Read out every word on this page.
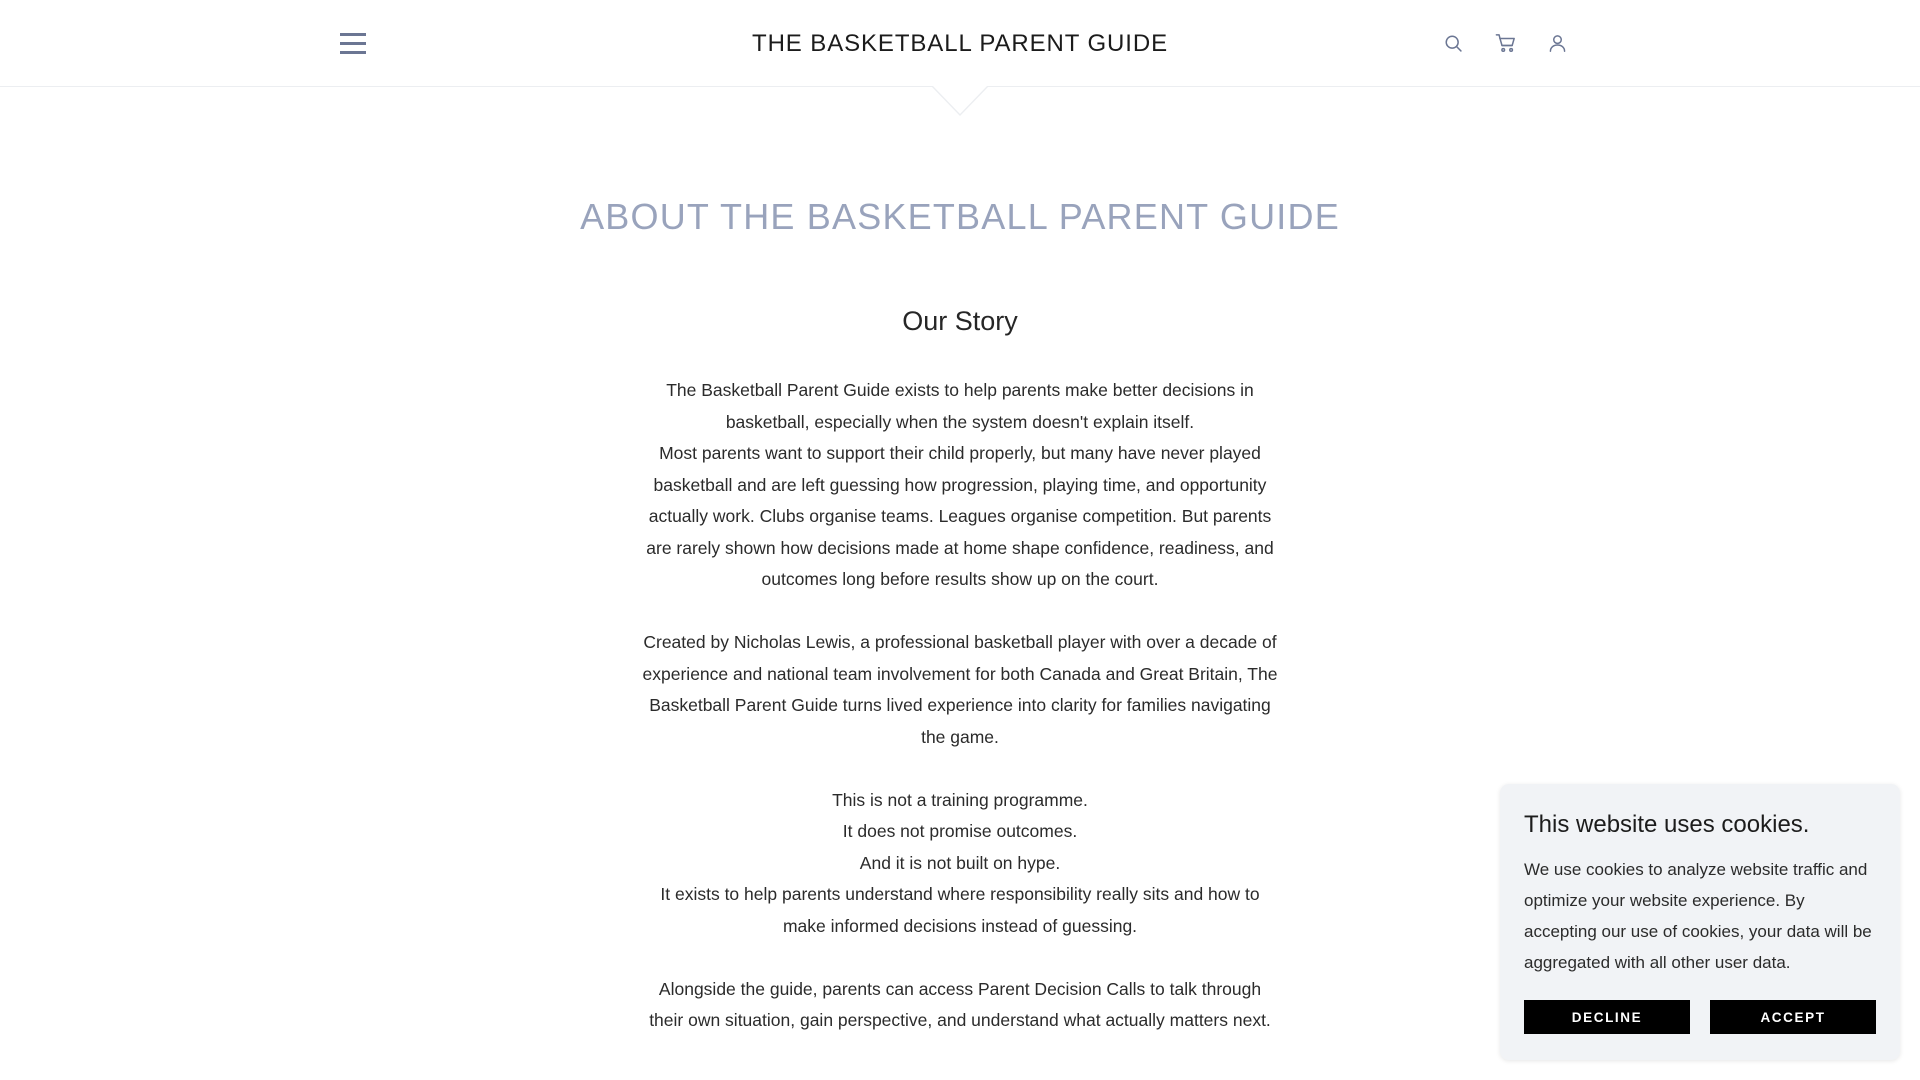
THE BASKETBALL PARENT GUIDE
ABOUT THE BASKETBALL PARENT GUIDE
Our Story

The Basketball Parent Guide exists to help parents make better decisions in basketball, especially when the system doesn't explain itself.
Most parents want to support their child properly, but many have never played basketball and are left guessing how progression, playing time, and opportunity actually work. Clubs organise teams. Leagues organise competition. But parents are rarely shown how decisions made at home shape confidence, readiness, and outcomes long before results show up on the court.

Created by Nicholas Lewis, a professional basketball player with over a decade of experience and national team involvement for both Canada and Great Britain, The Basketball Parent Guide turns lived experience into clarity for families navigating the game.

This is not a training programme.
It does not promise outcomes.
And it is not built on hype.
It exists to help parents understand where responsibility really sits and how to make informed decisions instead of guessing.

Alongside the guide, parents can access Parent Decision Calls to talk through their own situation, gain perspective, and understand what actually matters next.

This website uses cookies.

We use cookies to analyze website traffic and optimize your website experience. By accepting our use of cookies, your data will be aggregated with all other user data.

DECLINE	ACCEPT
